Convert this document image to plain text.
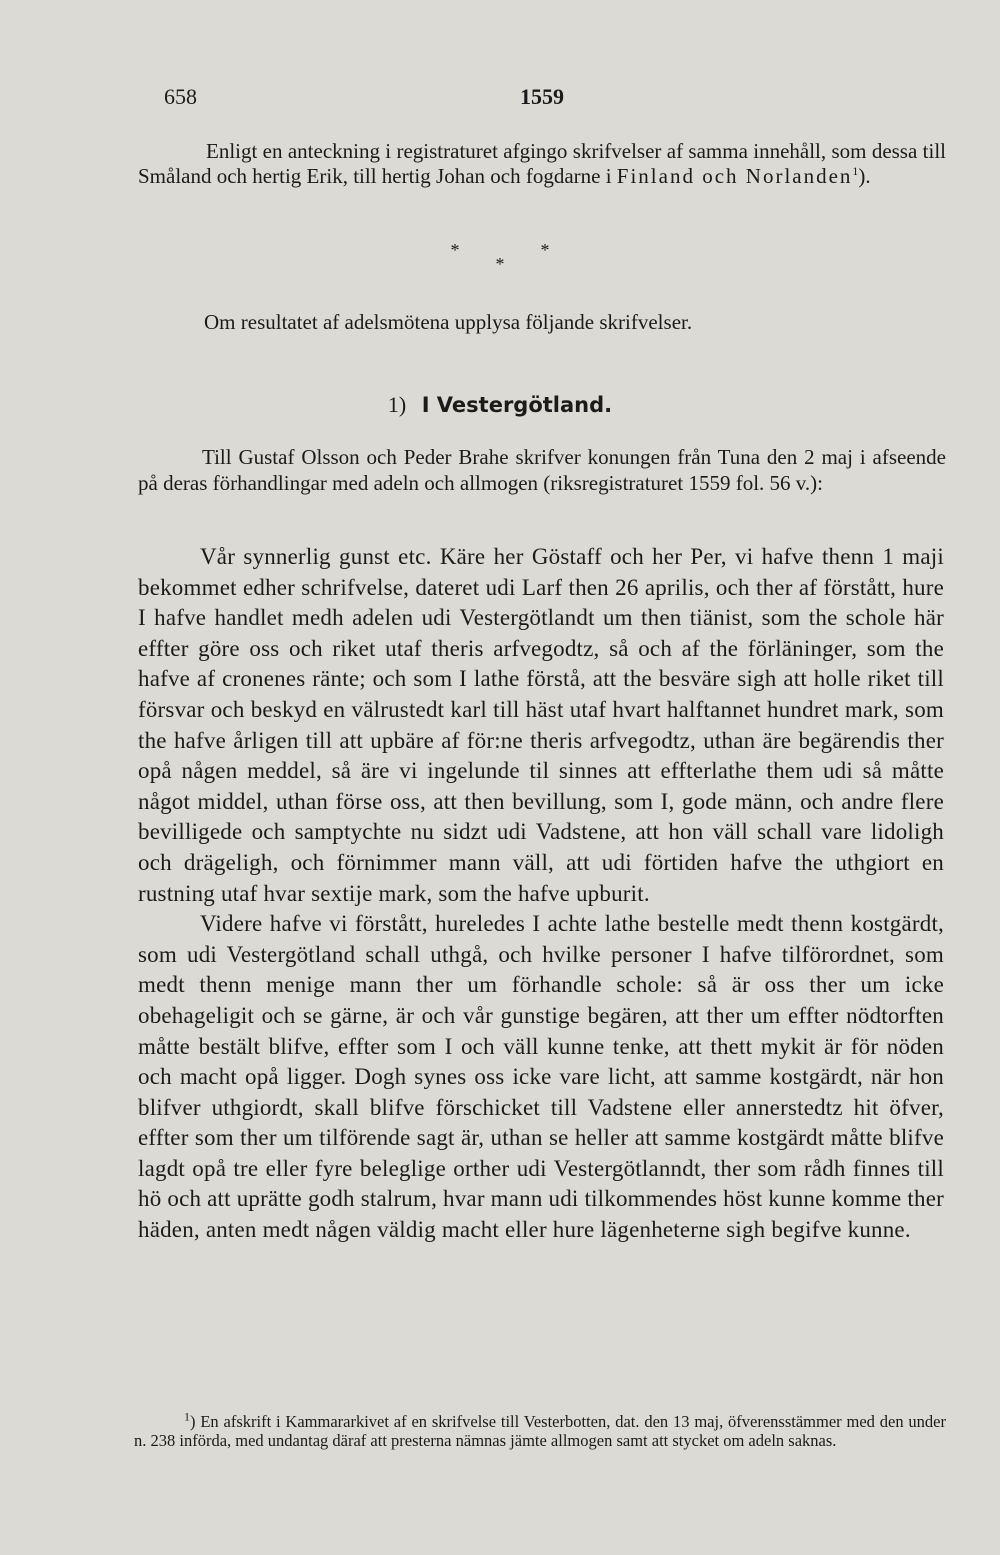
658	1559
Enligt en anteckning i registraturet afgingo skrifvelser af samma innehåll, som dessa till Småland och hertig Erik, till hertig Johan och fogdarne i Finland och Norlanden$^1$).
***
Om resultatet af adelsmötena upplysa följande skrifvelser.
1) I Vestergötland.
Till Gustaf Olsson och Peder Brahe skrifver konungen från Tuna den 2 maj i afseende på deras förhandlingar med adeln och allmogen (riksregistraturet 1559 fol. 56 v.):

Vår synnerlig gunst etc. Käre her Göstaff och her Per, vi hafve thenn 1 maji bekommet edher schrifvelse, dateret udi Larf then 26 aprilis, och ther af förstått, hure I hafve handlet medh adelen udi Vestergötlandt um then tiänist, som the schole här effter göre oss och riket utaf theris arfvegodtz, så och af the förläninger, som the hafve af cronenes ränte; och som I lathe förstå, att the besväre sigh att holle riket till försvar och beskyd en välrustedt karl till häst utaf hvart halftannet hundret mark, som the hafve årligen till att upbäre af för:ne theris arfvegodtz, uthan äre begärendis ther opå någen meddel, så äre vi ingelunde til sinnes att effterlathe them udi så måtte något middel, uthan förse oss, att then bevillung, som I, gode männ, och andre flere bevilligede och samptychte nu sidzt udi Vadstene, att hon väll schall vare lidoligh och drägeligh, och förnimmer mann väll, att udi förtiden hafve the uthgiort en rustning utaf hvar sextije mark, som the hafve upburit.

Videre hafve vi förstått, hureledes I achte lathe bestelle medt thenn kostgärdt, som udi Vestergötland schall uthgå, och hvilke personer I hafve tilförordnet, som medt thenn menige mann ther um förhandle schole: så är oss ther um icke obehageligit och se gärne, är och vår gunstige begären, att ther um effter nödtorften måtte bestält blifve, effter som I och väll kunne tenke, att thett mykit är för nöden och macht opå ligger. Dogh synes oss icke vare licht, att samme kostgärdt, när hon blifver uthgiordt, skall blifve förschicket till Vadstene eller annerstedtz hit öfver, effter som ther um tilförende sagt är, uthan se heller att samme kostgärdt måtte blifve lagdt opå tre eller fyre beleglige orther udi Vestergötlanndt, ther som rådh finnes till hö och att uprätte godh stalrum, hvar mann udi tilkommendes höst kunne komme ther häden, anten medt någen väldig macht eller hure lägenheterne sigh begifve kunne.

$^1$) En afskrift i Kammararkivet af en skrifvelse till Vesterbotten, dat. den 13 maj, öfverensstämmer med den under n. 238 införda, med undantag däraf att presterna nämnas jämte allmogen samt att stycket om adeln saknas.
